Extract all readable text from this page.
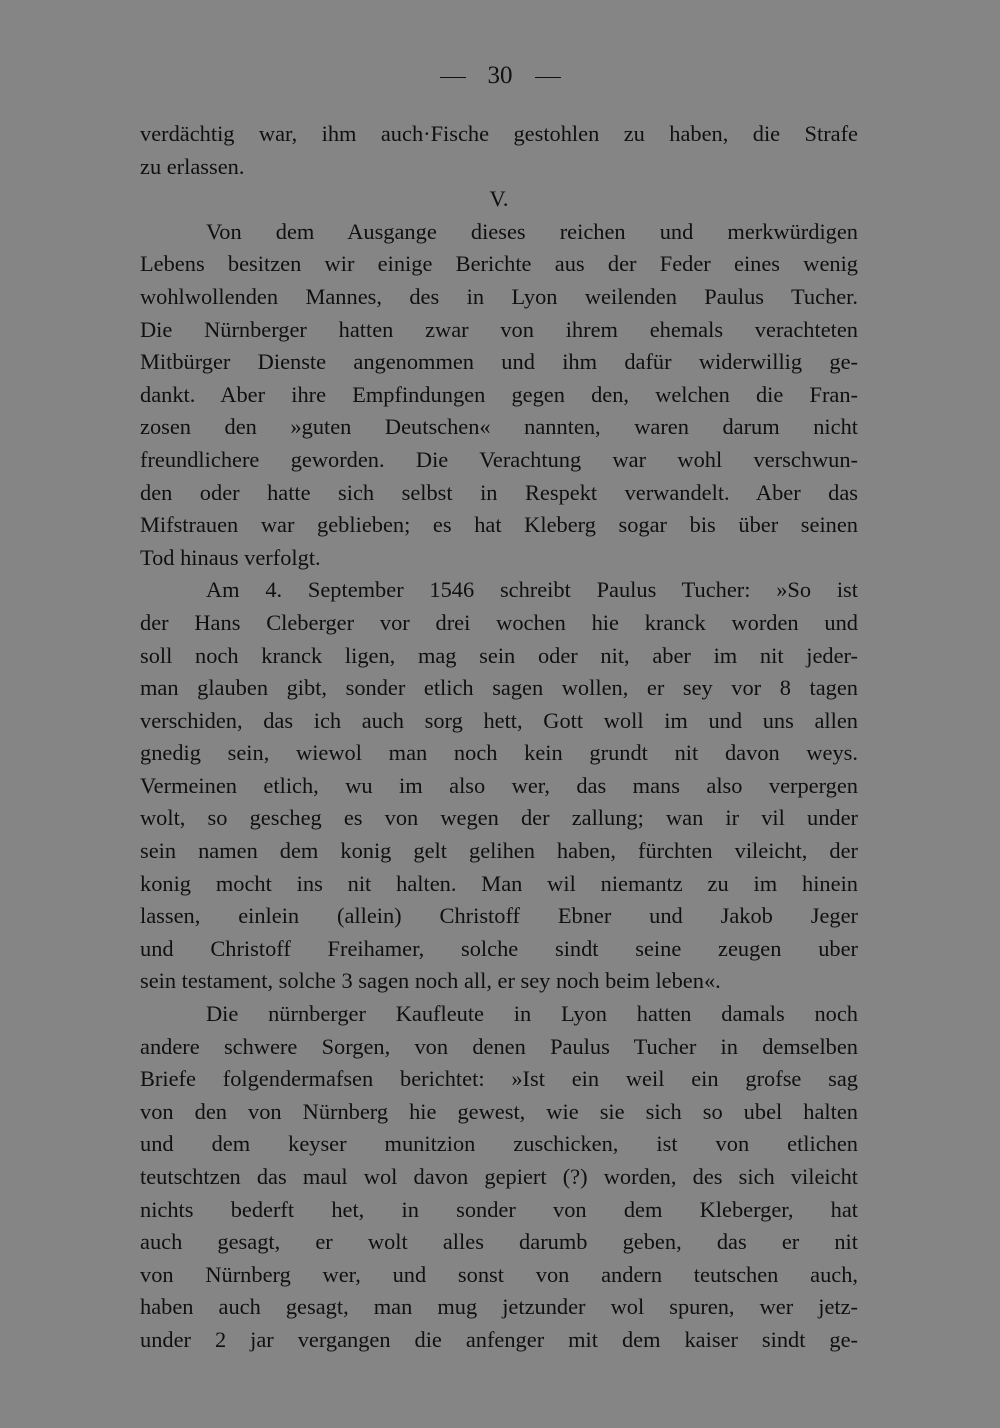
30

verdächtig war, ihm auch·Fische gestohlen zu haben, die Strafe

zu erlassen.

V.

Von dem Ausgange dieses reichen und merkwürdigen

Lebens besitzen wir einige Berichte aus der Feder eines wenig

wohlwollenden Mannes, des in Lyon weilenden Paulus Tucher.

Die Nürnberger hatten zwar von ihrem ehemals verachteten

Mitbürger Dienste angenommen und ihm dafür widerwillig ge-

dankt. Aber ihre Empfindungen gegen den, welchen die Fran-

zosen den »guten Deutschen« nannten, waren darum nicht

freundlichere geworden. Die Verachtung war wohl verschwun-

den oder hatte sich selbst in Respekt verwandelt. Aber das

Mifstrauen war geblieben; es hat Kleberg sogar bis über seinen

Tod hinaus verfolgt.

Am 4. September 1546 schreibt Paulus Tucher: »So ist

der Hans Cleberger vor drei wochen hie kranck worden und

soll noch kranck ligen, mag sein oder nit, aber im nit jeder-

man glauben gibt, sonder etlich sagen wollen, er sey vor 8 tagen

verschiden, das ich auch sorg hett, Gott woll im und uns allen

gnedig sein, wiewol man noch kein grundt nit davon weys.

Vermeinen etlich, wu im also wer, das mans also verpergen

wolt, so gescheg es von wegen der zallung; wan ir vil under

sein namen dem konig gelt gelihen haben, fürchten vileicht, der

konig mocht ins nit halten. Man wil niemantz zu im hinein

lassen, einlein (allein) Christoff Ebner und Jakob Jeger

und Christoff Freihamer, solche sindt seine zeugen uber

sein testament, solche 3 sagen noch all, er sey noch beim leben«.

Die nürnberger Kaufleute in Lyon hatten damals noch

andere schwere Sorgen, von denen Paulus Tucher in demselben

Briefe folgendermafsen berichtet: »Ist ein weil ein grofse sag

von den von Nürnberg hie gewest, wie sie sich so ubel halten

und dem keyser munitzion zuschicken, ist von etlichen

teutschtzen das maul wol davon gepiert (?) worden, des sich vileicht

nichts bederft het, in sonder von dem Kleberger, hat

auch gesagt, er wolt alles darumb geben, das er nit

von Nürnberg wer, und sonst von andern teutschen auch,

haben auch gesagt, man mug jetzunder wol spuren, wer jetz-

under 2 jar vergangen die anfenger mit dem kaiser sindt ge-
